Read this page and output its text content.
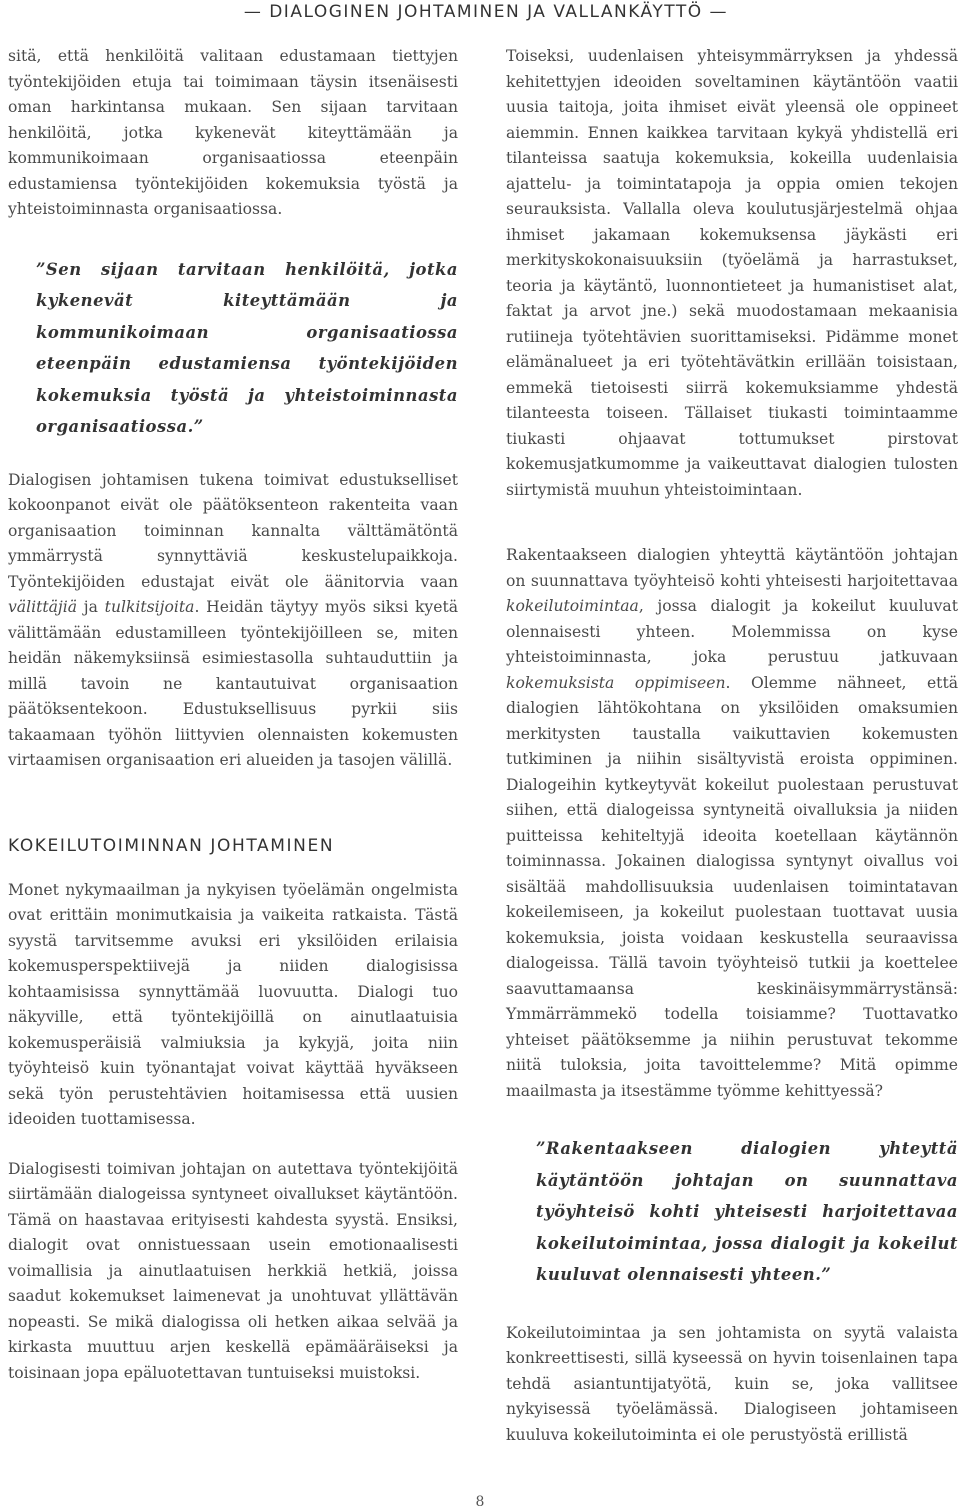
— DIALOGINEN JOHTAMINEN JA VALLANKÄYTTÖ —

sitä, että henkilöitä valitaan edustamaan tiettyjen työntekijöiden etuja tai toimimaan täysin itsenäisesti oman harkintansa mukaan. Sen sijaan tarvitaan henkilöitä, jotka kykenevät kiteyttämään ja kommunikoimaan organisaatiossa eteenpäin edustamiensa työntekijöiden kokemuksia työstä ja yhteistoiminnasta organisaatiossa.

”Sen sijaan tarvitaan henkilöitä, jotka kykenevät kiteyttämään ja kommunikoimaan organisaatiossa eteenpäin edustamiensa työntekijöiden kokemuksia työstä ja yhteistoiminnasta organisaatiossa.”

Dialogisen johtamisen tukena toimivat edustukselliset kokoonpanot eivät ole päätöksenteon rakenteita vaan organisaation toiminnan kannalta välttämätöntä ymmärrystä synnyttäviä keskustelupaikkoja. Työntekijöiden edustajat eivät ole äänitorvia vaan välittäjiä ja tulkitsijoita. Heidän täytyy myös siksi kyetä välittämään edustamilleen työntekijöilleen se, miten heidän näkemyksiinsä esimiestasolla suhtauduttiin ja millä tavoin ne kantautuivat organisaation päätöksentekoon. Edustuksellisuus pyrkii siis takaamaan työhön liittyvien olennaisten kokemusten virtaamisen organisaation eri alueiden ja tasojen välillä.

KOKEILUTOIMINNAN JOHTAMINEN

Monet nykymaailman ja nykyisen työelämän ongelmista ovat erittäin monimutkaisia ja vaikeita ratkaista. Tästä syystä tarvitsemme avuksi eri yksilöiden erilaisia kokemusperspektiivejä ja niiden dialogisissa kohtaamisissa synnyttämää luovuutta. Dialogi tuo näkyville, että työntekijöillä on ainutlaatuisia kokemusperäisiä valmiuksia ja kykyjä, joita niin työyhteisö kuin työnantajat voivat käyttää hyväkseen sekä työn perustehtävien hoitamisessa että uusien ideoiden tuottamisessa.

Dialogisesti toimivan johtajan on autettava työntekijöitä siirtämään dialogeissa syntyneet oivallukset käytäntöön. Tämä on haastavaa erityisesti kahdesta syystä. Ensiksi, dialogit ovat onnistuessaan usein emotionaalisesti voimallisia ja ainutlaatuisen herkkiä hetkiä, joissa saadut kokemukset laimenevat ja unohtuvat yllättävän nopeasti. Se mikä dialogissa oli hetken aikaa selvää ja kirkasta muuttuu arjen keskellä epämääräiseksi ja toisinaan jopa epäluotettavan tuntuiseksi muistoksi.

Toiseksi, uudenlaisen yhteisymmärryksen ja yhdessä kehitettyjen ideoiden soveltaminen käytäntöön vaatii uusia taitoja, joita ihmiset eivät yleensä ole oppineet aiemmin. Ennen kaikkea tarvitaan kykyä yhdistellä eri tilanteissa saatuja kokemuksia, kokeilla uudenlaisia ajattelu- ja toimintatapoja ja oppia omien tekojen seurauksista. Vallalla oleva koulutusjärjestelmä ohjaa ihmiset jakamaan kokemuksensa jäykästi eri merkityskokonaisuuksiin (työelämä ja harrastukset, teoria ja käytäntö, luonnontieteet ja humanistiset alat, faktat ja arvot jne.) sekä muodostamaan mekaanisia rutiineja työtehtävien suorittamiseksi. Pidämme monet elämänalueet ja eri työtehtävätkin erillään toisistaan, emmekä tietoisesti siirrä kokemuksiamme yhdestä tilanteesta toiseen. Tällaiset tiukasti toimintaamme tiukasti ohjaavat tottumukset pirstovat kokemusjatkumomme ja vaikeuttavat dialogien tulosten siirtymistä muuhun yhteistoimintaan.

Rakentaakseen dialogien yhteyttä käytäntöön johtajan on suunnattava työyhteisö kohti yhteisesti harjoitettavaa kokeilutoimintaa, jossa dialogit ja kokeilut kuuluvat olennaisesti yhteen. Molemmissa on kyse yhteistoiminnasta, joka perustuu jatkuvaan kokemuksista oppimiseen. Olemme nähneet, että dialogien lähtökohtana on yksilöiden omaksumien merkitysten taustalla vaikuttavien kokemusten tutkiminen ja niihin sisältyvistä eroista oppiminen. Dialogeihin kytkeytyvät kokeilut puolestaan perustuvat siihen, että dialogeissa syntyneitä oivalluksia ja niiden puitteissa kehiteltyjä ideoita koetellaan käytännön toiminnassa. Jokainen dialogissa syntynyt oivallus voi sisältää mahdollisuuksia uudenlaisen toimintatavan kokeilemiseen, ja kokeilut puolestaan tuottavat uusia kokemuksia, joista voidaan keskustella seuraavissa dialogeissa. Tällä tavoin työyhteisö tutkii ja koettelee saavuttamaansa keskinäisymmärrystänsä: Ymmärrämmekö todella toisiamme? Tuottavatko yhteiset päätöksemme ja niihin perustuvat tekomme niitä tuloksia, joita tavoittelemme? Mitä opimme maailmasta ja itsestämme työmme kehittyessä?

”Rakentaakseen dialogien yhteyttä käytäntöön johtajan on suunnattava työyhteisö kohti yhteisesti harjoitettavaa kokeilutoimintaa, jossa dialogit ja kokeilut kuuluvat olennaisesti yhteen.”

Kokeilutoimintaa ja sen johtamista on syytä valaista konkreettisesti, sillä kyseessä on hyvin toisenlainen tapa tehdä asiantuntijatyötä, kuin se, joka vallitsee nykyisessä työelämässä. Dialogiseen johtamiseen kuuluva kokeilutoiminta ei ole perustyöstä erillistä

8
